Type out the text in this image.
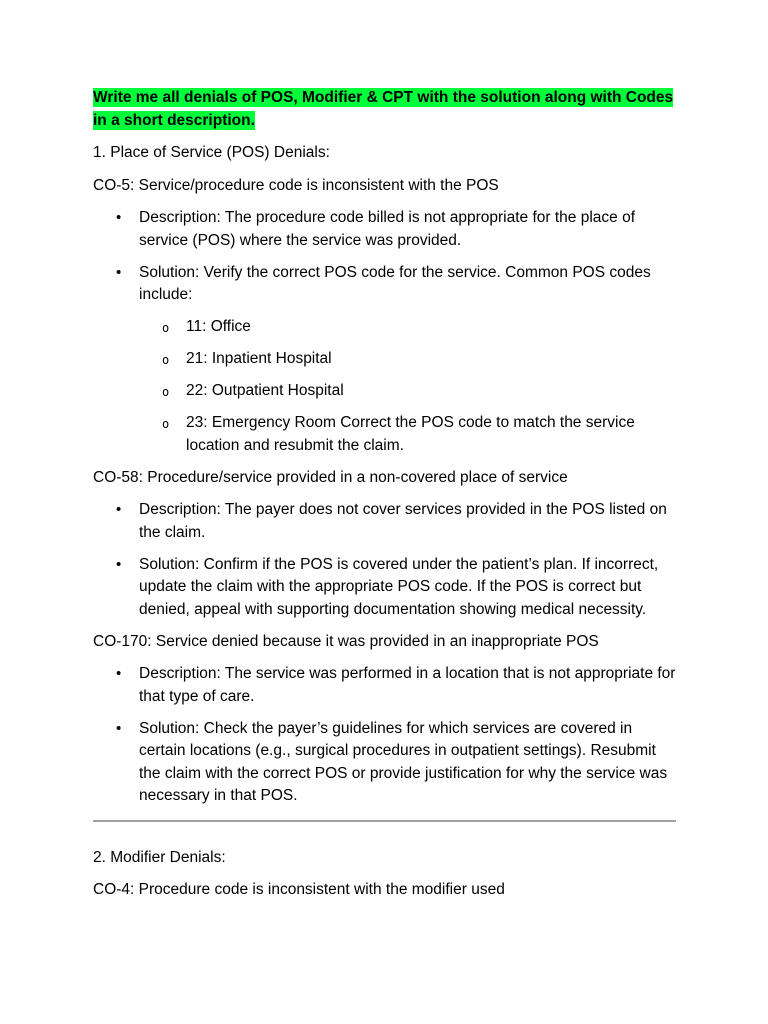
Write me all denials of POS, Modifier & CPT with the solution along with Codes in a short description.

1. Place of Service (POS) Denials:

CO-5: Service/procedure code is inconsistent with the POS

• Description: The procedure code billed is not appropriate for the place of service (POS) where the service was provided.
• Solution: Verify the correct POS code for the service. Common POS codes include:
o 11: Office
o 21: Inpatient Hospital
o 22: Outpatient Hospital
o 23: Emergency Room Correct the POS code to match the service location and resubmit the claim.

CO-58: Procedure/service provided in a non-covered place of service

• Description: The payer does not cover services provided in the POS listed on the claim.
• Solution: Confirm if the POS is covered under the patient’s plan. If incorrect, update the claim with the appropriate POS code. If the POS is correct but denied, appeal with supporting documentation showing medical necessity.

CO-170: Service denied because it was provided in an inappropriate POS

• Description: The service was performed in a location that is not appropriate for that type of care.
• Solution: Check the payer’s guidelines for which services are covered in certain locations (e.g., surgical procedures in outpatient settings). Resubmit the claim with the correct POS or provide justification for why the service was necessary in that POS.

2. Modifier Denials:

CO-4: Procedure code is inconsistent with the modifier used
